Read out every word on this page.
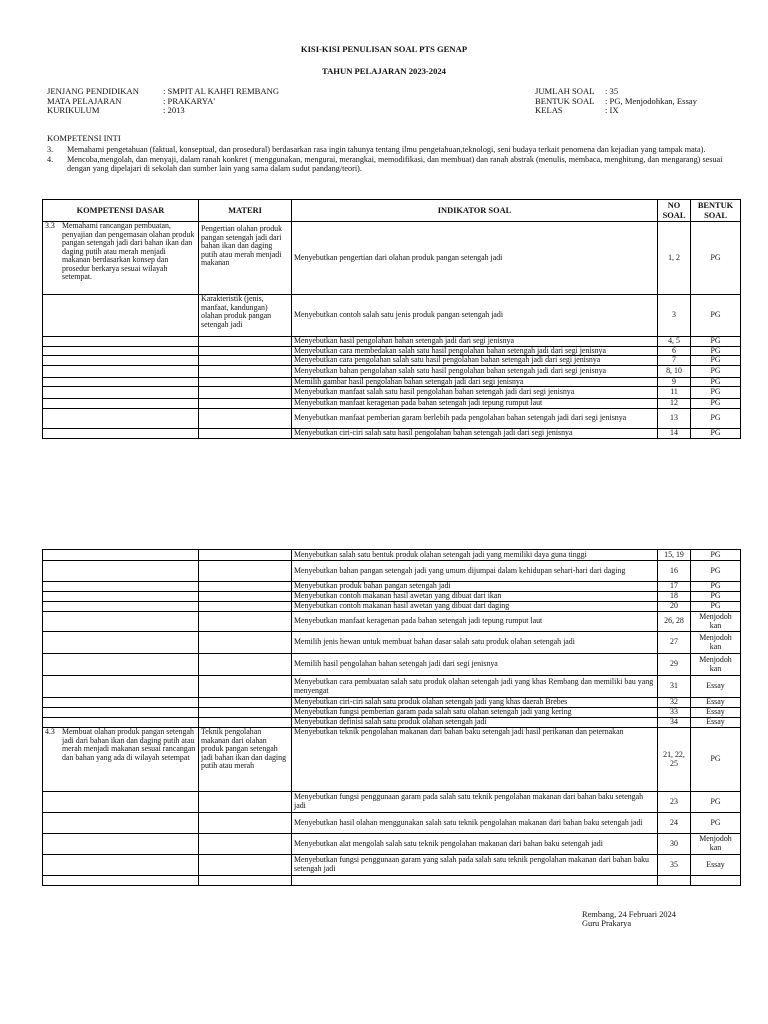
KISI-KISI PENULISAN SOAL PTS GENAP
TAHUN PELAJARAN 2023-2024
JENJANG PENDIDIKAN	: SMPIT AL KAHFI REMBANG
MATA PELAJARAN	: PRAKARYA'
KURIKULUM	: 2013
JUMLAH SOAL : 35
BENTUK SOAL : PG, Menjodohkan, Essay
KELAS	: IX
KOMPETENSI INTI
3. Memahami pengetahuan (faktual, konseptual, dan prosedural) berdasarkan rasa ingin tahunya tentang ilmu pengetahuan,teknologi, seni budaya terkait penomena dan kejadian yang tampak mata).
4. Mencoba,mengolah, dan menyaji, dalam ranah konkret ( menggunakan, mengurai, merangkai, memodifikasi, dan membuat) dan ranah abstrak (menulis, membaca, menghitung, dan mengarang) sesuai dengan yang dipelajari di sekolah dan sumber lain yang sama dalam sudut pandang/teori).
KOMPETENSI DASAR	MATERI	INDIKATOR SOAL	NO SOAL	BENTUK SOAL

3.3 Memahami rancangan pembuatan, penyajian dan pengemasan olahan produk pangan setengah jadi dari bahan ikan dan daging putih atau merah menjadi makanan berdasarkan konsep dan prosedur berkarya sesuai wilayah setempat.	Pengertian olahan produk pangan setengah jadi dari bahan ikan dan daging putih atau merah menjadi makanan	Menyebutkan pengertian dari olahan produk pangan setengah jadi	1, 2	PG
	Karakteristik (jenis, manfaat, kandungan) olahan produk pangan setengah jadi	Menyebutkan contoh salah satu jenis produk pangan setengah jadi	3	PG
		Menyebutkan hasil pengolahan bahan setengah jadi dari segi jenisnya	4, 5	PG
		Menyebutkan cara membedakan salah satu hasil pengolahan bahan setengah jadi dari segi jenisnya	6	PG
		Menyebutkan cara pengolahan salah satu hasil pengolahan bahan setengah jadi dari segi jenisnya	7	PG
		Menyebutkan bahan pengolahan salah satu hasil pengolahan bahan setengah jadi dari segi jenisnya	8, 10	PG
		Memilih gambar hasil pengolahan bahan setengah jadi dari segi jenisnya	9	PG
		Menyebutkan manfaat salah satu hasil pengolahan bahan setengah jadi dari segi jenisnya	11	PG
		Menyebutkan manfaat keragenan pada bahan setengah jadi tepung rumput laut	12	PG
		Menyebutkan manfaat pemberian garam berlebih pada pengolahan bahan setengah jadi dari segi jenisnya	13	PG
		Menyebutkan ciri-ciri salah satu hasil pengolahan bahan setengah jadi dari segi jenisnya	14	PG
		Menyebutkan salah satu bentuk produk olahan setengah jadi yang memiliki daya guna tinggi	15, 19	PG
		Menyebutkan bahan pangan setengah jadi yang umum dijumpai dalam kehidupan sehari-hari dari daging	16	PG
		Menyebutkan produk bahan pangan setengah jadi	17	PG
		Menyebutkan contoh makanan hasil awetan yang dibuat dari ikan	18	PG
		Menyebutkan contoh makanan hasil awetan yang dibuat dari daging	20	PG
		Menyebutkan manfaat keragenan pada bahan setengah jadi tepung rumput laut	26, 28	Menjodoh kan
		Memilih jenis hewan untuk membuat bahan dasar salah satu produk olahan setengah jadi	27	Menjodoh kan
		Memilih hasil pengolahan bahan setengah jadi dari segi jenisnya	29	Menjodoh kan
		Menyebutkan cara pembuatan salah satu produk olahan setengah jadi yang khas Rembang dan memiliki bau yang menyengat	31	Essay
		Menyebutkan ciri-ciri salah satu produk olahan setengah jadi yang khas daerah Brebes	32	Essay
		Menyebutkan fungsi pemberian garam pada salah satu olahan setengah jadi yang kering	33	Essay
		Menyebutkan definisi salah satu produk olahan setengah jadi	34	Essay

4.3 Membuat olahan produk pangan setengah jadi dari bahan ikan dan daging putih atau merah menjadi makanan sesuai rancangan dan bahan yang ada di wilayah setempat	Teknik pengolahan makanan dari olahan produk pangan setengah jadi bahan ikan dan daging putih atau merah	Menyebutkan teknik pengolahan makanan dari bahan baku setengah jadi hasil perikanan dan peternakan	21, 22, 25	PG
		Menyebutkan fungsi penggunaan garam pada salah satu teknik pengolahan makanan dari bahan baku setengah jadi	23	PG
		Menyebutkan hasil olahan menggunakan salah satu teknik pengolahan makanan dari bahan baku setengah jadi	24	PG
		Menyebutkan alat mengolah salah satu teknik pengolahan makanan dari bahan baku setengah jadi	30	Menjodoh kan
		Menyebutkan fungsi penggunaan garam yang salah pada salah satu teknik pengolahan makanan dari bahan baku setengah jadi	35	Essay

Rembang, 24 Februari 2024
Guru Prakarya
